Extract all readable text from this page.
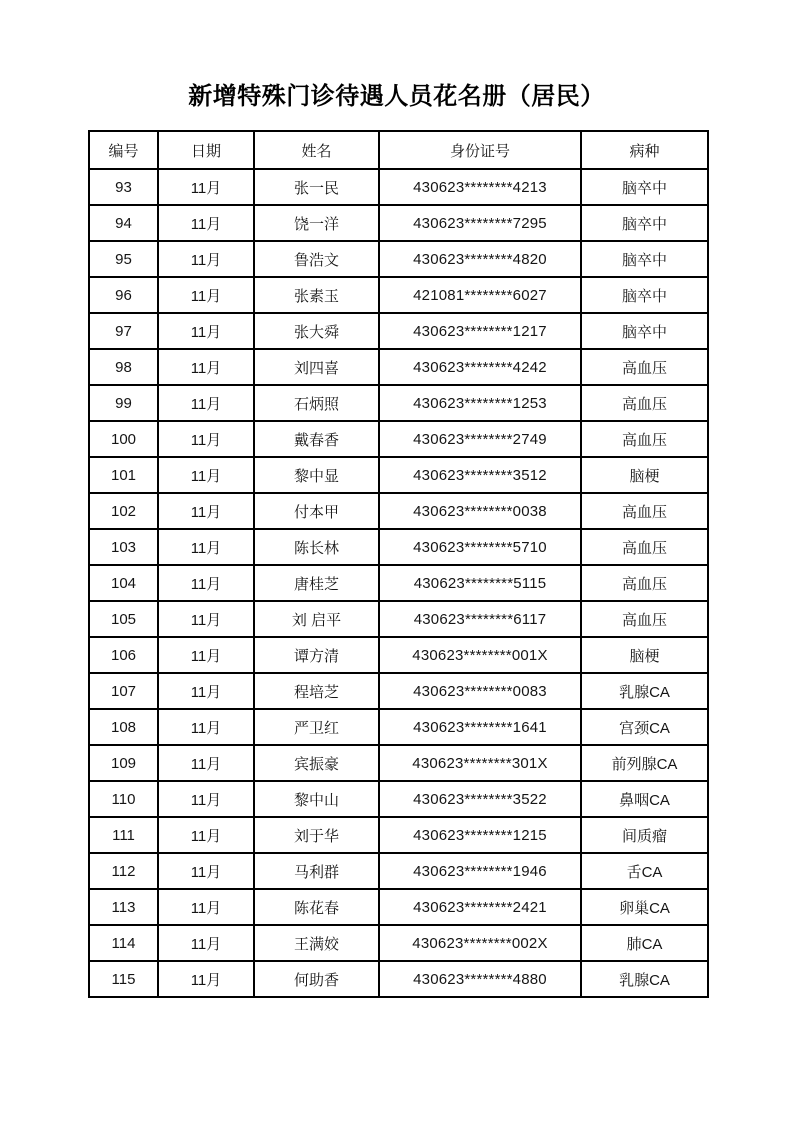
新增特殊门诊待遇人员花名册（居民）
编号	日期	姓名	身份证号	病种
93	11月	张一民	430623********4213	脑卒中
94	11月	饶一洋	430623********7295	脑卒中
95	11月	鲁浩文	430623********4820	脑卒中
96	11月	张素玉	421081********6027	脑卒中
97	11月	张大舜	430623********1217	脑卒中
98	11月	刘四喜	430623********4242	高血压
99	11月	石炳照	430623********1253	高血压
100	11月	戴春香	430623********2749	高血压
101	11月	黎中显	430623********3512	脑梗
102	11月	付本甲	430623********0038	高血压
103	11月	陈长林	430623********5710	高血压
104	11月	唐桂芝	430623********5115	高血压
105	11月	刘 启平	430623********6117	高血压
106	11月	谭方清	430623********001X	脑梗
107	11月	程培芝	430623********0083	乳腺CA
108	11月	严卫红	430623********1641	宫颈CA
109	11月	宾振豪	430623********301X	前列腺CA
110	11月	黎中山	430623********3522	鼻咽CA
111	11月	刘于华	430623********1215	间质瘤
112	11月	马利群	430623********1946	舌CA
113	11月	陈花春	430623********2421	卵巢CA
114	11月	王满姣	430623********002X	肺CA
115	11月	何助香	430623********4880	乳腺CA
